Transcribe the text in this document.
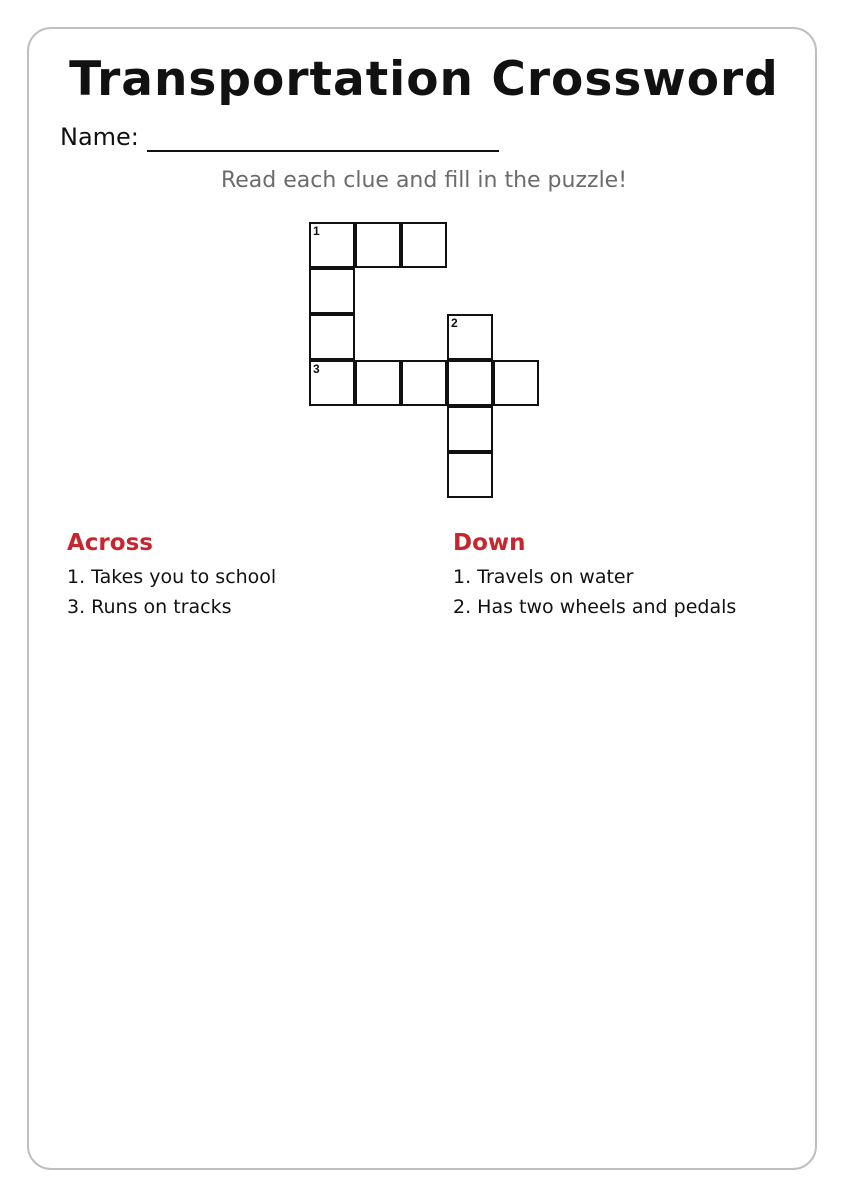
Transportation Crossword
Name:
Read each clue and fill in the puzzle!
1
2
3
Across
1. Takes you to school
3. Runs on tracks
Down
1. Travels on water
2. Has two wheels and pedals
